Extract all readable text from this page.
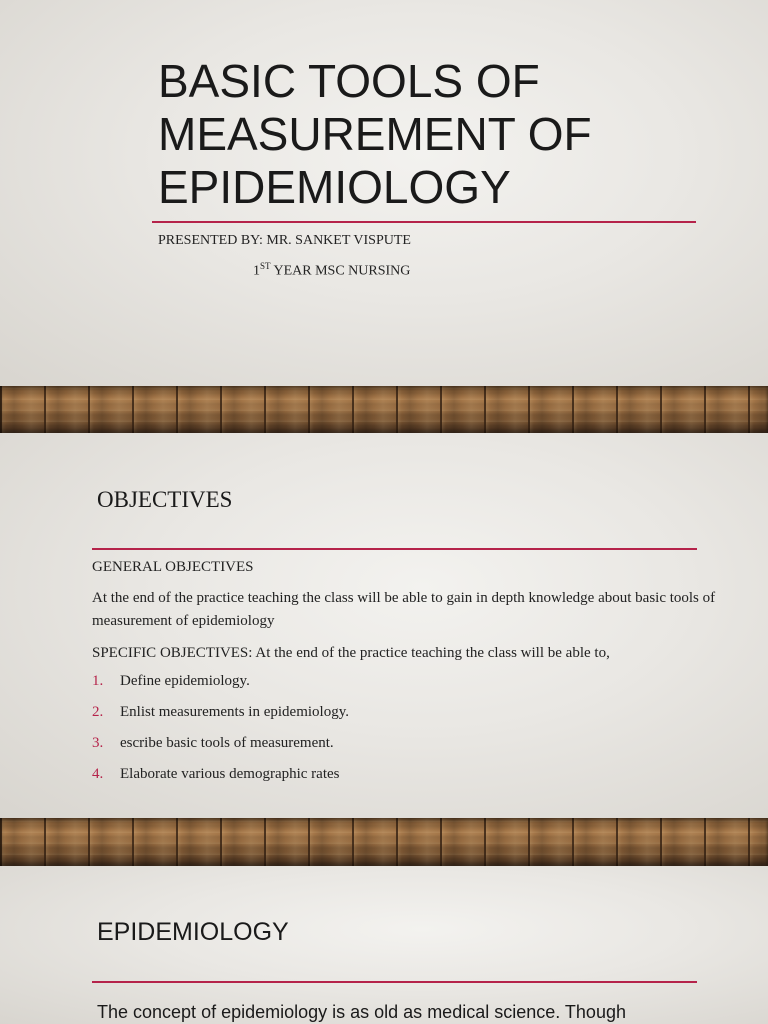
BASIC TOOLS OF MEASUREMENT OF EPIDEMIOLOGY
PRESENTED BY: MR. SANKET VISPUTE
1ST YEAR MSC NURSING
OBJECTIVES
GENERAL OBJECTIVES
At the end of the practice teaching the class will be able to gain in depth knowledge about basic tools of measurement of epidemiology
SPECIFIC OBJECTIVES: At the end of the practice teaching the class will be able to,
1. Define epidemiology.
2. Enlist measurements in epidemiology.
3. escribe basic tools of measurement.
4. Elaborate various demographic rates
EPIDEMIOLOGY
The concept of epidemiology is as old as medical science. Though
